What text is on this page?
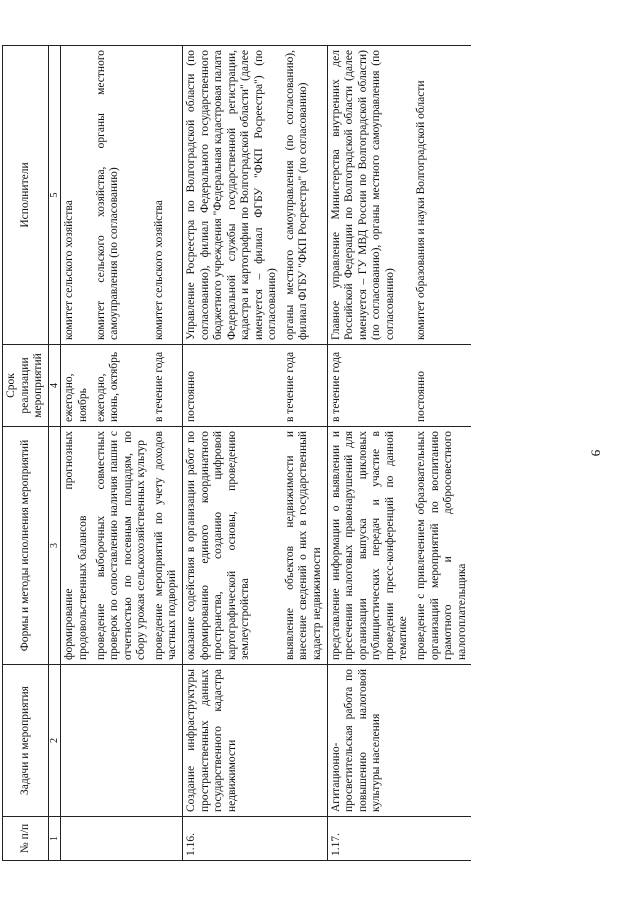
9
№ п/п	Задачи и мероприятия	Формы и методы исполнения мероприятий	Срок реализации мероприятий	Исполнители
1	2	3	4	5
		формирование прогнозных продовольственных балансов	ежегодно, ноябрь	комитет сельского хозяйства
		проведение выборочных совместных проверок по сопоставлению наличия пашни с отчетностью по посевным площадям, по сбору урожая сельскохозяйственных культур	ежегодно, июнь, октябрь	комитет сельского хозяйства, органы местного самоуправления (по согласованию)
		проведение мероприятий по учету доходов частных подворий	в течение года	комитет сельского хозяйства
1.16.	Создание инфраструктуры пространственных данных государственного кадастра недвижимости	оказание содействия в организации работ по формированию единого координатного пространства, созданию цифровой картографической основы, проведению землеустройства	постоянно	Управление Росреестра по Волгоградской области (по согласованию), филиал Федерального государственного бюджетного учреждения "Федеральная кадастровая палата Федеральной службы государственной регистрации, кадастра и картографии по Волгоградской области" (далее именуется – филиал ФГБУ "ФКП Росреестра") (по согласованию)
		выявление объектов недвижимости и внесение сведений о них в государственный кадастр недвижимости	в течение года	органы местного самоуправления (по согласованию), филиал ФГБУ "ФКП Росреестра" (по согласованию)
1.17.	Агитационно-просветительская работа по повышению налоговой культуры населения	представление информации о выявлении и пресечении налоговых правонарушений для организации выпуска цикловых публицистических передач и участие в проведении пресс-конференций по данной тематике	в течение года	Главное управление Министерства внутренних дел Российской Федерации по Волгоградской области (далее именуется – ГУ МВД России по Волгоградской области) (по согласованию), органы местного самоуправления (по согласованию)
		проведение с привлечением образовательных организаций мероприятий по воспитанию грамотного и добросовестного налогоплательщика	постоянно	комитет образования и науки Волгоградской области
